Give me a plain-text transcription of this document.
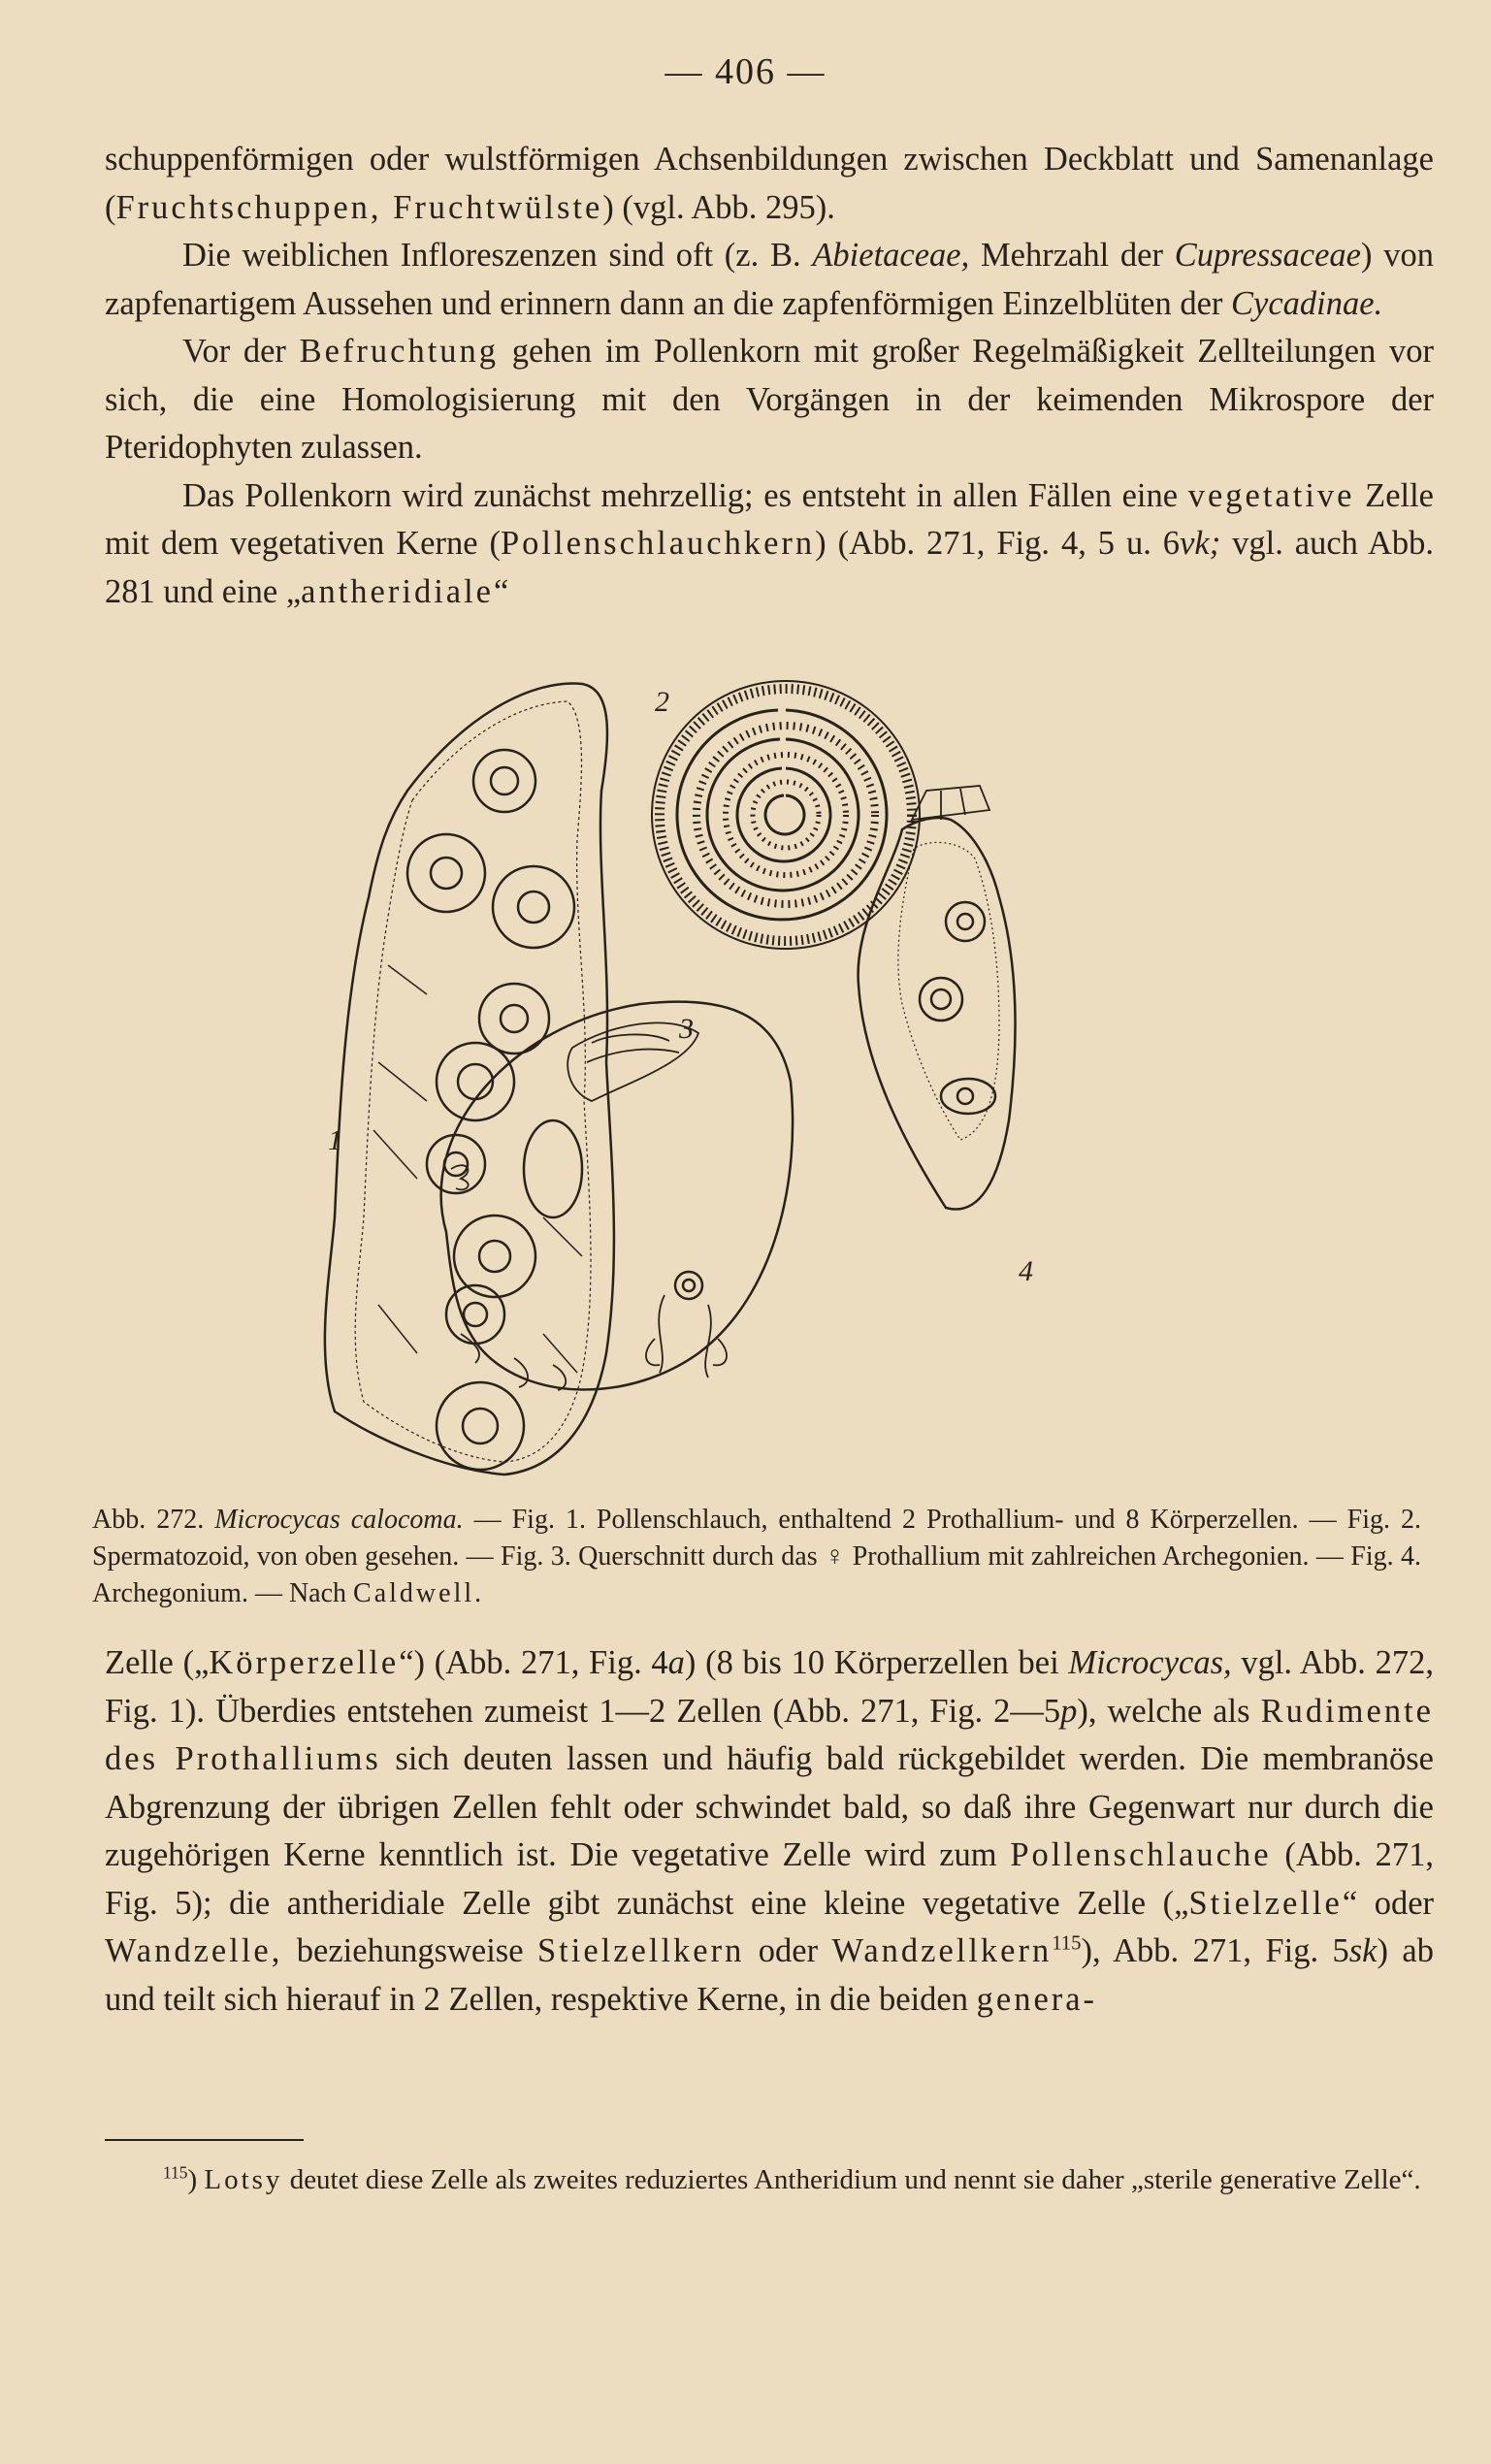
— 406 —

schuppenförmigen oder wulstförmigen Achsenbildungen zwischen Deckblatt und Samenanlage (Fruchtschuppen, Fruchtwülste) (vgl. Abb. 295).

Die weiblichen Infloreszenzen sind oft (z. B. Abietaceae, Mehrzahl der Cupressaceae) von zapfenartigem Aussehen und erinnern dann an die zapfenförmigen Einzelblüten der Cycadinae.

Vor der Befruchtung gehen im Pollenkorn mit großer Regelmäßigkeit Zellteilungen vor sich, die eine Homologisierung mit den Vorgängen in der keimenden Mikrospore der Pteridophyten zulassen.

Das Pollenkorn wird zunächst mehrzellig; es entsteht in allen Fällen eine vegetative Zelle mit dem vegetativen Kerne (Pollenschlauchkern) (Abb. 271, Fig. 4, 5 u. 6vk; vgl. auch Abb. 281 und eine „antheridiale“

1
2
3
4

Abb. 272. Microcycas calocoma. — Fig. 1. Pollenschlauch, enthaltend 2 Prothallium- und 8 Körperzellen. — Fig. 2. Spermatozoid, von oben gesehen. — Fig. 3. Querschnitt durch das ♀ Prothallium mit zahlreichen Archegonien. — Fig. 4. Archegonium. — Nach Caldwell.

Zelle („Körperzelle“) (Abb. 271, Fig. 4a) (8 bis 10 Körperzellen bei Microcycas, vgl. Abb. 272, Fig. 1). Überdies entstehen zumeist 1—2 Zellen (Abb. 271, Fig. 2—5p), welche als Rudimente des Prothalliums sich deuten lassen und häufig bald rückgebildet werden. Die membranöse Abgrenzung der übrigen Zellen fehlt oder schwindet bald, so daß ihre Gegenwart nur durch die zugehörigen Kerne kenntlich ist. Die vegetative Zelle wird zum Pollenschlauche (Abb. 271, Fig. 5); die antheridiale Zelle gibt zunächst eine kleine vegetative Zelle („Stielzelle“ oder Wandzelle, beziehungsweise Stielzellkern oder Wandzellkern$^{115}$), Abb. 271, Fig. 5sk) ab und teilt sich hierauf in 2 Zellen, respektive Kerne, in die beiden genera-

$^{115}$) Lotsy deutet diese Zelle als zweites reduziertes Antheridium und nennt sie daher „sterile generative Zelle“.
